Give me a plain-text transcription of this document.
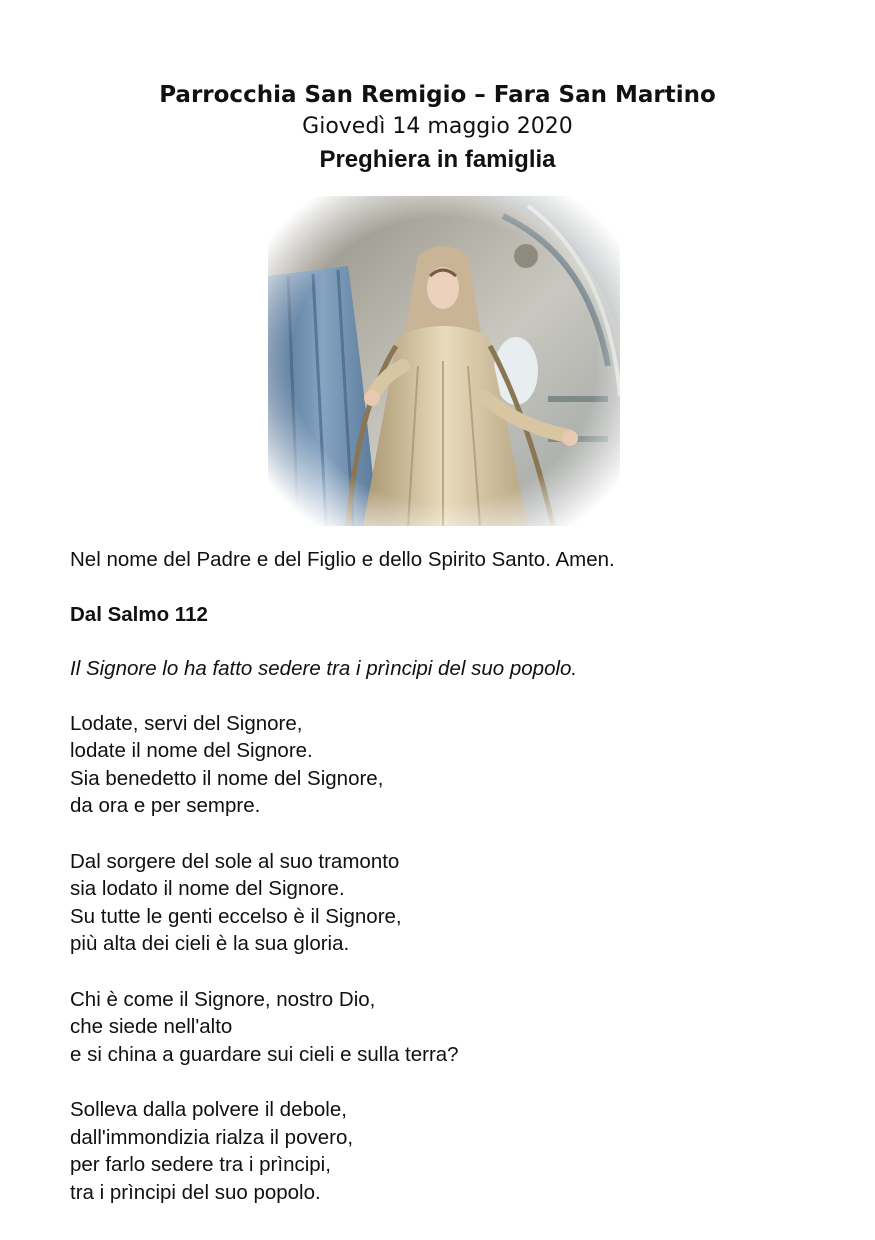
Parrocchia San Remigio – Fara San Martino

Giovedì 14 maggio 2020

Preghiera in famiglia

Nel nome del Padre e del Figlio e dello Spirito Santo. Amen.

Dal Salmo 112

Il Signore lo ha fatto sedere tra i prìncipi del suo popolo.

Lodate, servi del Signore,

lodate il nome del Signore.

Sia benedetto il nome del Signore,

da ora e per sempre.

Dal sorgere del sole al suo tramonto

sia lodato il nome del Signore.

Su tutte le genti eccelso è il Signore,

più alta dei cieli è la sua gloria.

Chi è come il Signore, nostro Dio,

che siede nell'alto

e si china a guardare sui cieli e sulla terra?

Solleva dalla polvere il debole,

dall'immondizia rialza il povero,

per farlo sedere tra i prìncipi,

tra i prìncipi del suo popolo.
